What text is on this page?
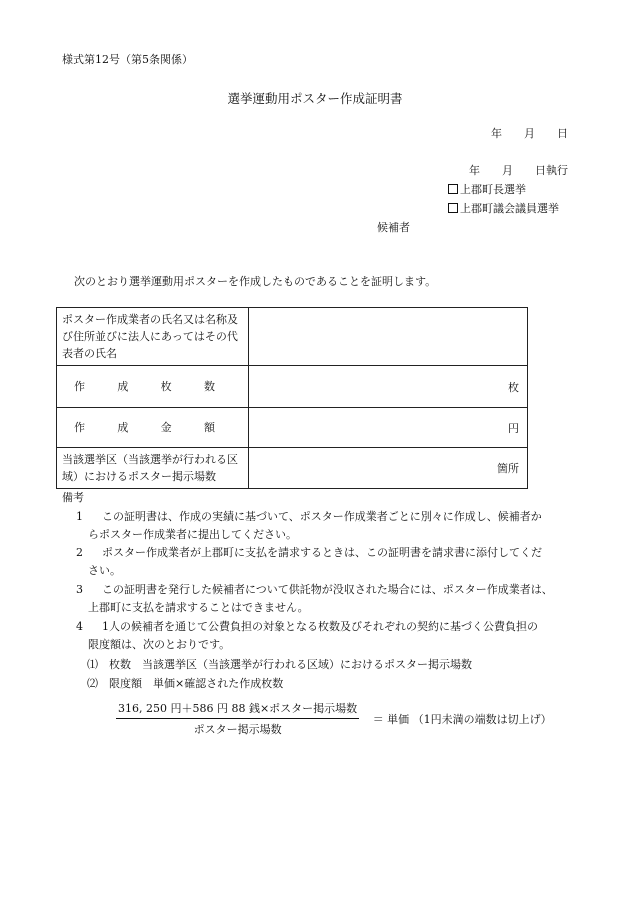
様式第12号（第5条関係）
選挙運動用ポスター作成証明書
年　　月　　日
年　　月　　日執行
上郡町長選挙
上郡町議会議員選挙
候補者
次のとおり選挙運動用ポスターを作成したものであることを証明します。
ポスター作成業者の氏名又は名称及び住所並びに法人にあってはその代表者の氏名	

作 成 枚 数	枚

作 成 金 額	円
当該選挙区（当該選挙が行われる区域）におけるポスター掲示場数	箇所
備考
1	この証明書は、作成の実績に基づいて、ポスター作成業者ごとに別々に作成し、候補者か
らポスター作成業者に提出してください。
2	ポスター作成業者が上郡町に支払を請求するときは、この証明書を請求書に添付してくだ
さい。
3	この証明書を発行した候補者について供託物が没収された場合には、ポスター作成業者は、
上郡町に支払を請求することはできません。
4	1人の候補者を通じて公費負担の対象となる枚数及びそれぞれの契約に基づく公費負担の
限度額は、次のとおりです。
⑴ 枚数　当該選挙区（当該選挙が行われる区域）におけるポスター掲示場数
⑵ 限度額　単価×確認された作成枚数
$\frac{\text{316, 250 円＋586 円 88 銭×ポスター掲示場数}}{\text{ポスター掲示場数}}$ ＝ 単価 （1円未満の端数は切上げ）
